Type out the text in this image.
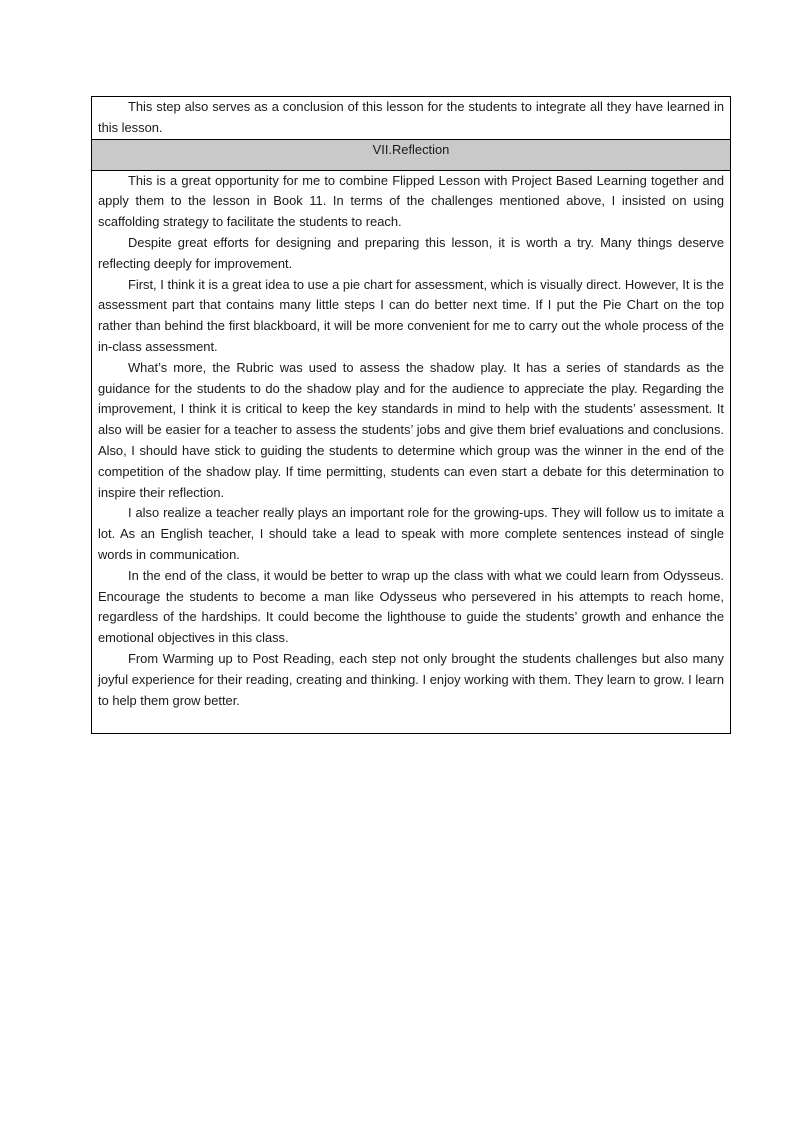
This step also serves as a conclusion of this lesson for the students to integrate all they have learned in this lesson.

VII.Reflection

This is a great opportunity for me to combine Flipped Lesson with Project Based Learning together and apply them to the lesson in Book 11. In terms of the challenges mentioned above, I insisted on using scaffolding strategy to facilitate the students to reach.

Despite great efforts for designing and preparing this lesson, it is worth a try. Many things deserve reflecting deeply for improvement.

First, I think it is a great idea to use a pie chart for assessment, which is visually direct. However, It is the assessment part that contains many little steps I can do better next time. If I put the Pie Chart on the top rather than behind the first blackboard, it will be more convenient for me to carry out the whole process of the in-class assessment.

What’s more, the Rubric was used to assess the shadow play. It has a series of standards as the guidance for the students to do the shadow play and for the audience to appreciate the play. Regarding the improvement, I think it is critical to keep the key standards in mind to help with the students’ assessment. It also will be easier for a teacher to assess the students’ jobs and give them brief evaluations and conclusions. Also, I should have stick to guiding the students to determine which group was the winner in the end of the competition of the shadow play. If time permitting, students can even start a debate for this determination to inspire their reflection.

I also realize a teacher really plays an important role for the growing-ups. They will follow us to imitate a lot. As an English teacher, I should take a lead to speak with more complete sentences instead of single words in communication.

In the end of the class, it would be better to wrap up the class with what we could learn from Odysseus. Encourage the students to become a man like Odysseus who persevered in his attempts to reach home, regardless of the hardships. It could become the lighthouse to guide the students’ growth and enhance the emotional objectives in this class.

From Warming up to Post Reading, each step not only brought the students challenges but also many joyful experience for their reading, creating and thinking. I enjoy working with them. They learn to grow. I learn to help them grow better.
